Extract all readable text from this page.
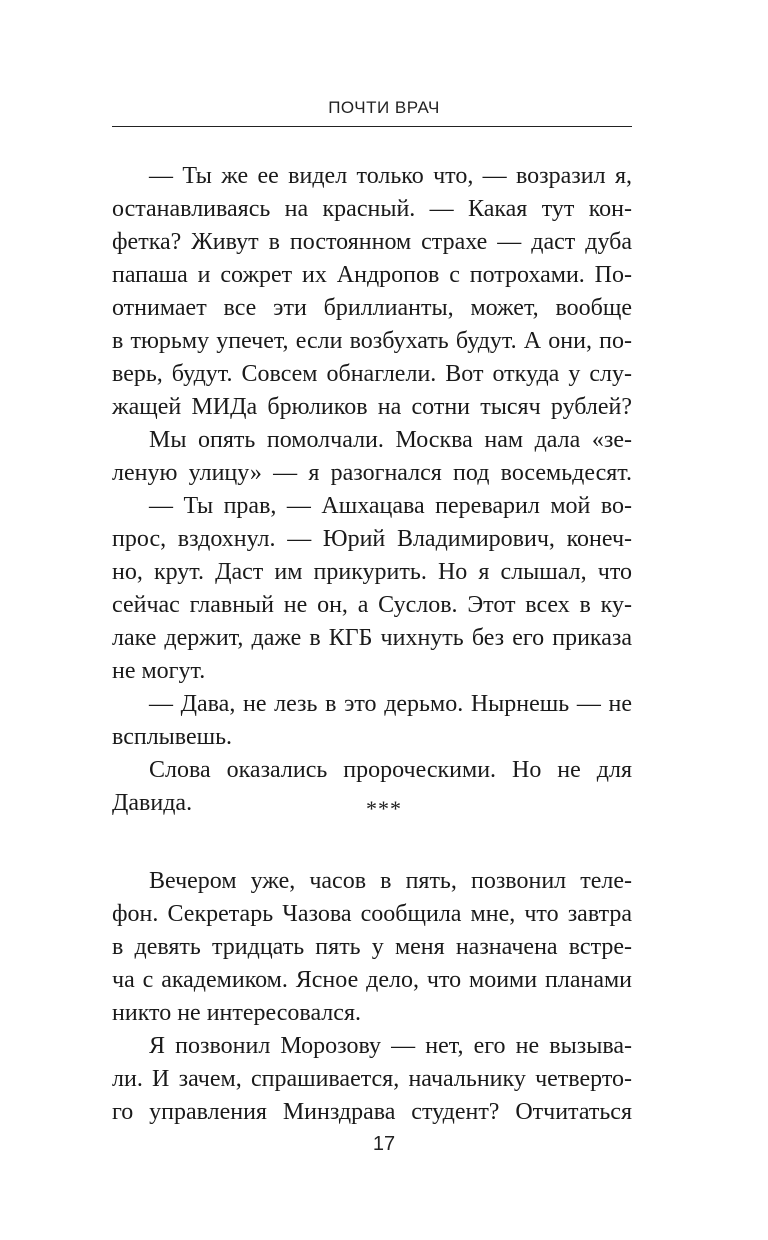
ПОЧТИ ВРАЧ
— Ты же ее видел только что, — возразил я,
останавливаясь на красный. — Какая тут кон-
фетка? Живут в постоянном страхе — даст дуба
папаша и сожрет их Андропов с потрохами. По-
отнимает все эти бриллианты, может, вообще
в тюрьму упечет, если возбухать будут. А они, по-
верь, будут. Совсем обнаглели. Вот откуда у слу-
жащей МИДа брюликов на сотни тысяч рублей?
Мы опять помолчали. Москва нам дала «зе-
леную улицу» — я разогнался под восемьдесят.
— Ты прав, — Ашхацава переварил мой во-
прос, вздохнул. — Юрий Владимирович, конеч-
но, крут. Даст им прикурить. Но я слышал, что
сейчас главный не он, а Суслов. Этот всех в ку-
лаке держит, даже в КГБ чихнуть без его приказа
не могут.
— Дава, не лезь в это дерьмо. Нырнешь — не
всплывешь.
Слова оказались пророческими. Но не для
Давида.	***
Вечером уже, часов в пять, позвонил теле-
фон. Секретарь Чазова сообщила мне, что завтра
в девять тридцать пять у меня назначена встре-
ча с академиком. Ясное дело, что моими планами
никто не интересовался.
Я позвонил Морозову — нет, его не вызыва-
ли. И зачем, спрашивается, начальнику четверто-
го управления Минздрава студент? Отчитаться
17
